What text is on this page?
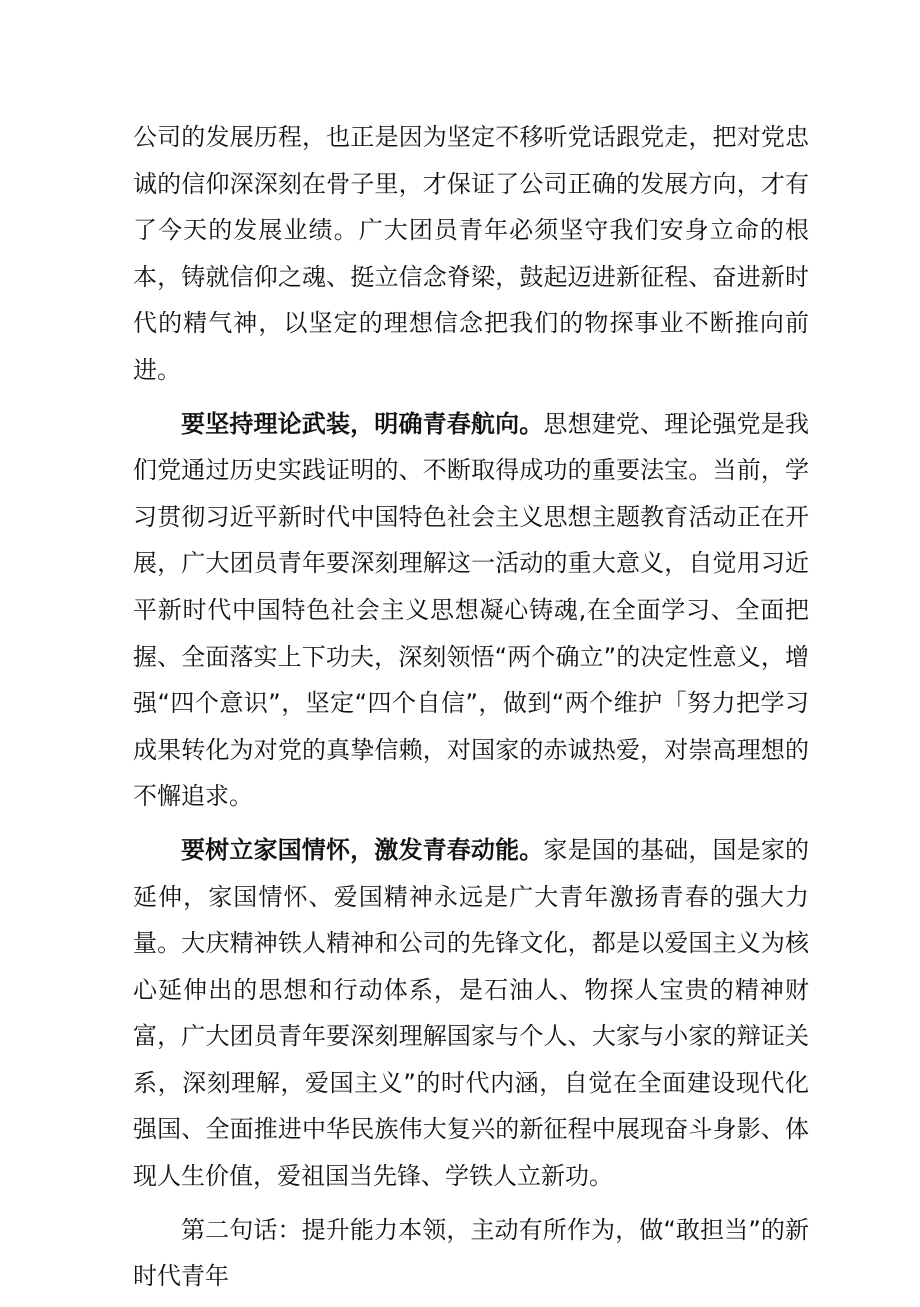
公司的发展历程，也正是因为坚定不移听党话跟党走，把对党忠诚的信仰深深刻在骨子里，才保证了公司正确的发展方向，才有了今天的发展业绩。广大团员青年必须坚守我们安身立命的根本，铸就信仰之魂、挺立信念脊梁，鼓起迈进新征程、奋进新时代的精气神，以坚定的理想信念把我们的物探事业不断推向前进。

要坚持理论武装，明确青春航向。思想建党、理论强党是我们党通过历史实践证明的、不断取得成功的重要法宝。当前，学习贯彻习近平新时代中国特色社会主义思想主题教育活动正在开展，广大团员青年要深刻理解这一活动的重大意义，自觉用习近平新时代中国特色社会主义思想凝心铸魂,在全面学习、全面把握、全面落实上下功夫，深刻领悟“两个确立”的决定性意义，增强“四个意识”，坚定“四个自信”，做到“两个维护「努力把学习成果转化为对党的真挚信赖，对国家的赤诚热爱，对崇高理想的不懈追求。

要树立家国情怀，激发青春动能。家是国的基础，国是家的延伸，家国情怀、爱国精神永远是广大青年激扬青春的强大力量。大庆精神铁人精神和公司的先锋文化，都是以爱国主义为核心延伸出的思想和行动体系，是石油人、物探人宝贵的精神财富，广大团员青年要深刻理解国家与个人、大家与小家的辩证关系，深刻理解，爱国主义”的时代内涵，自觉在全面建设现代化强国、全面推进中华民族伟大复兴的新征程中展现奋斗身影、体现人生价值，爱祖国当先锋、学铁人立新功。

第二句话：提升能力本领，主动有所作为，做“敢担当”的新时代青年
